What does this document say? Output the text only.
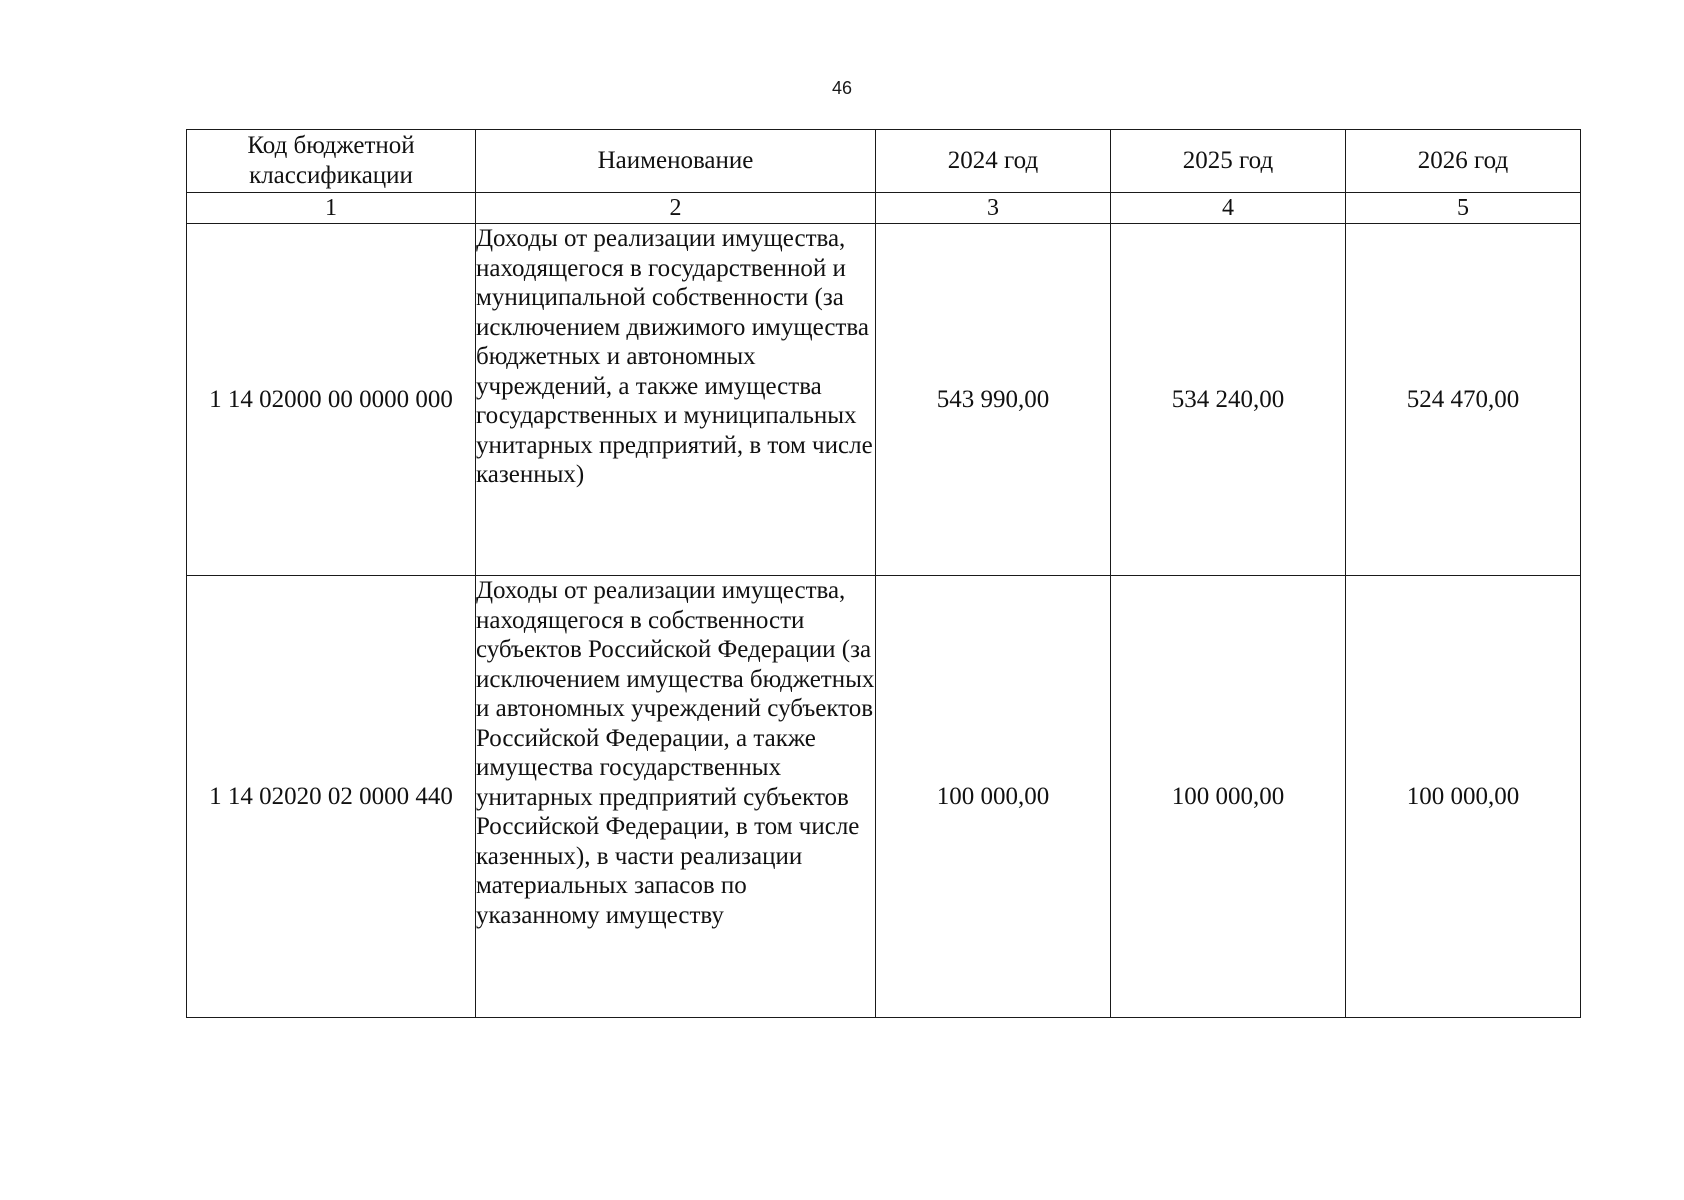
46
Код бюджетной классификации	Наименование	2024 год	2025 год	2026 год
1	2	3	4	5
1 14 02000 00 0000 000	Доходы от реализации имущества, находящегося в государственной и муниципальной собственности (за исключением движимого имущества бюджетных и автономных учреждений, а также имущества государственных и муниципальных унитарных предприятий, в том числе казенных)	543 990,00	534 240,00	524 470,00
1 14 02020 02 0000 440	Доходы от реализации имущества, находящегося в собственности субъектов Российской Федерации (за исключением имущества бюджетных и автономных учреждений субъектов Российской Федерации, а также имущества государственных унитарных предприятий субъектов Российской Федерации, в том числе казенных), в части реализации материальных запасов по указанному имуществу	100 000,00	100 000,00	100 000,00
